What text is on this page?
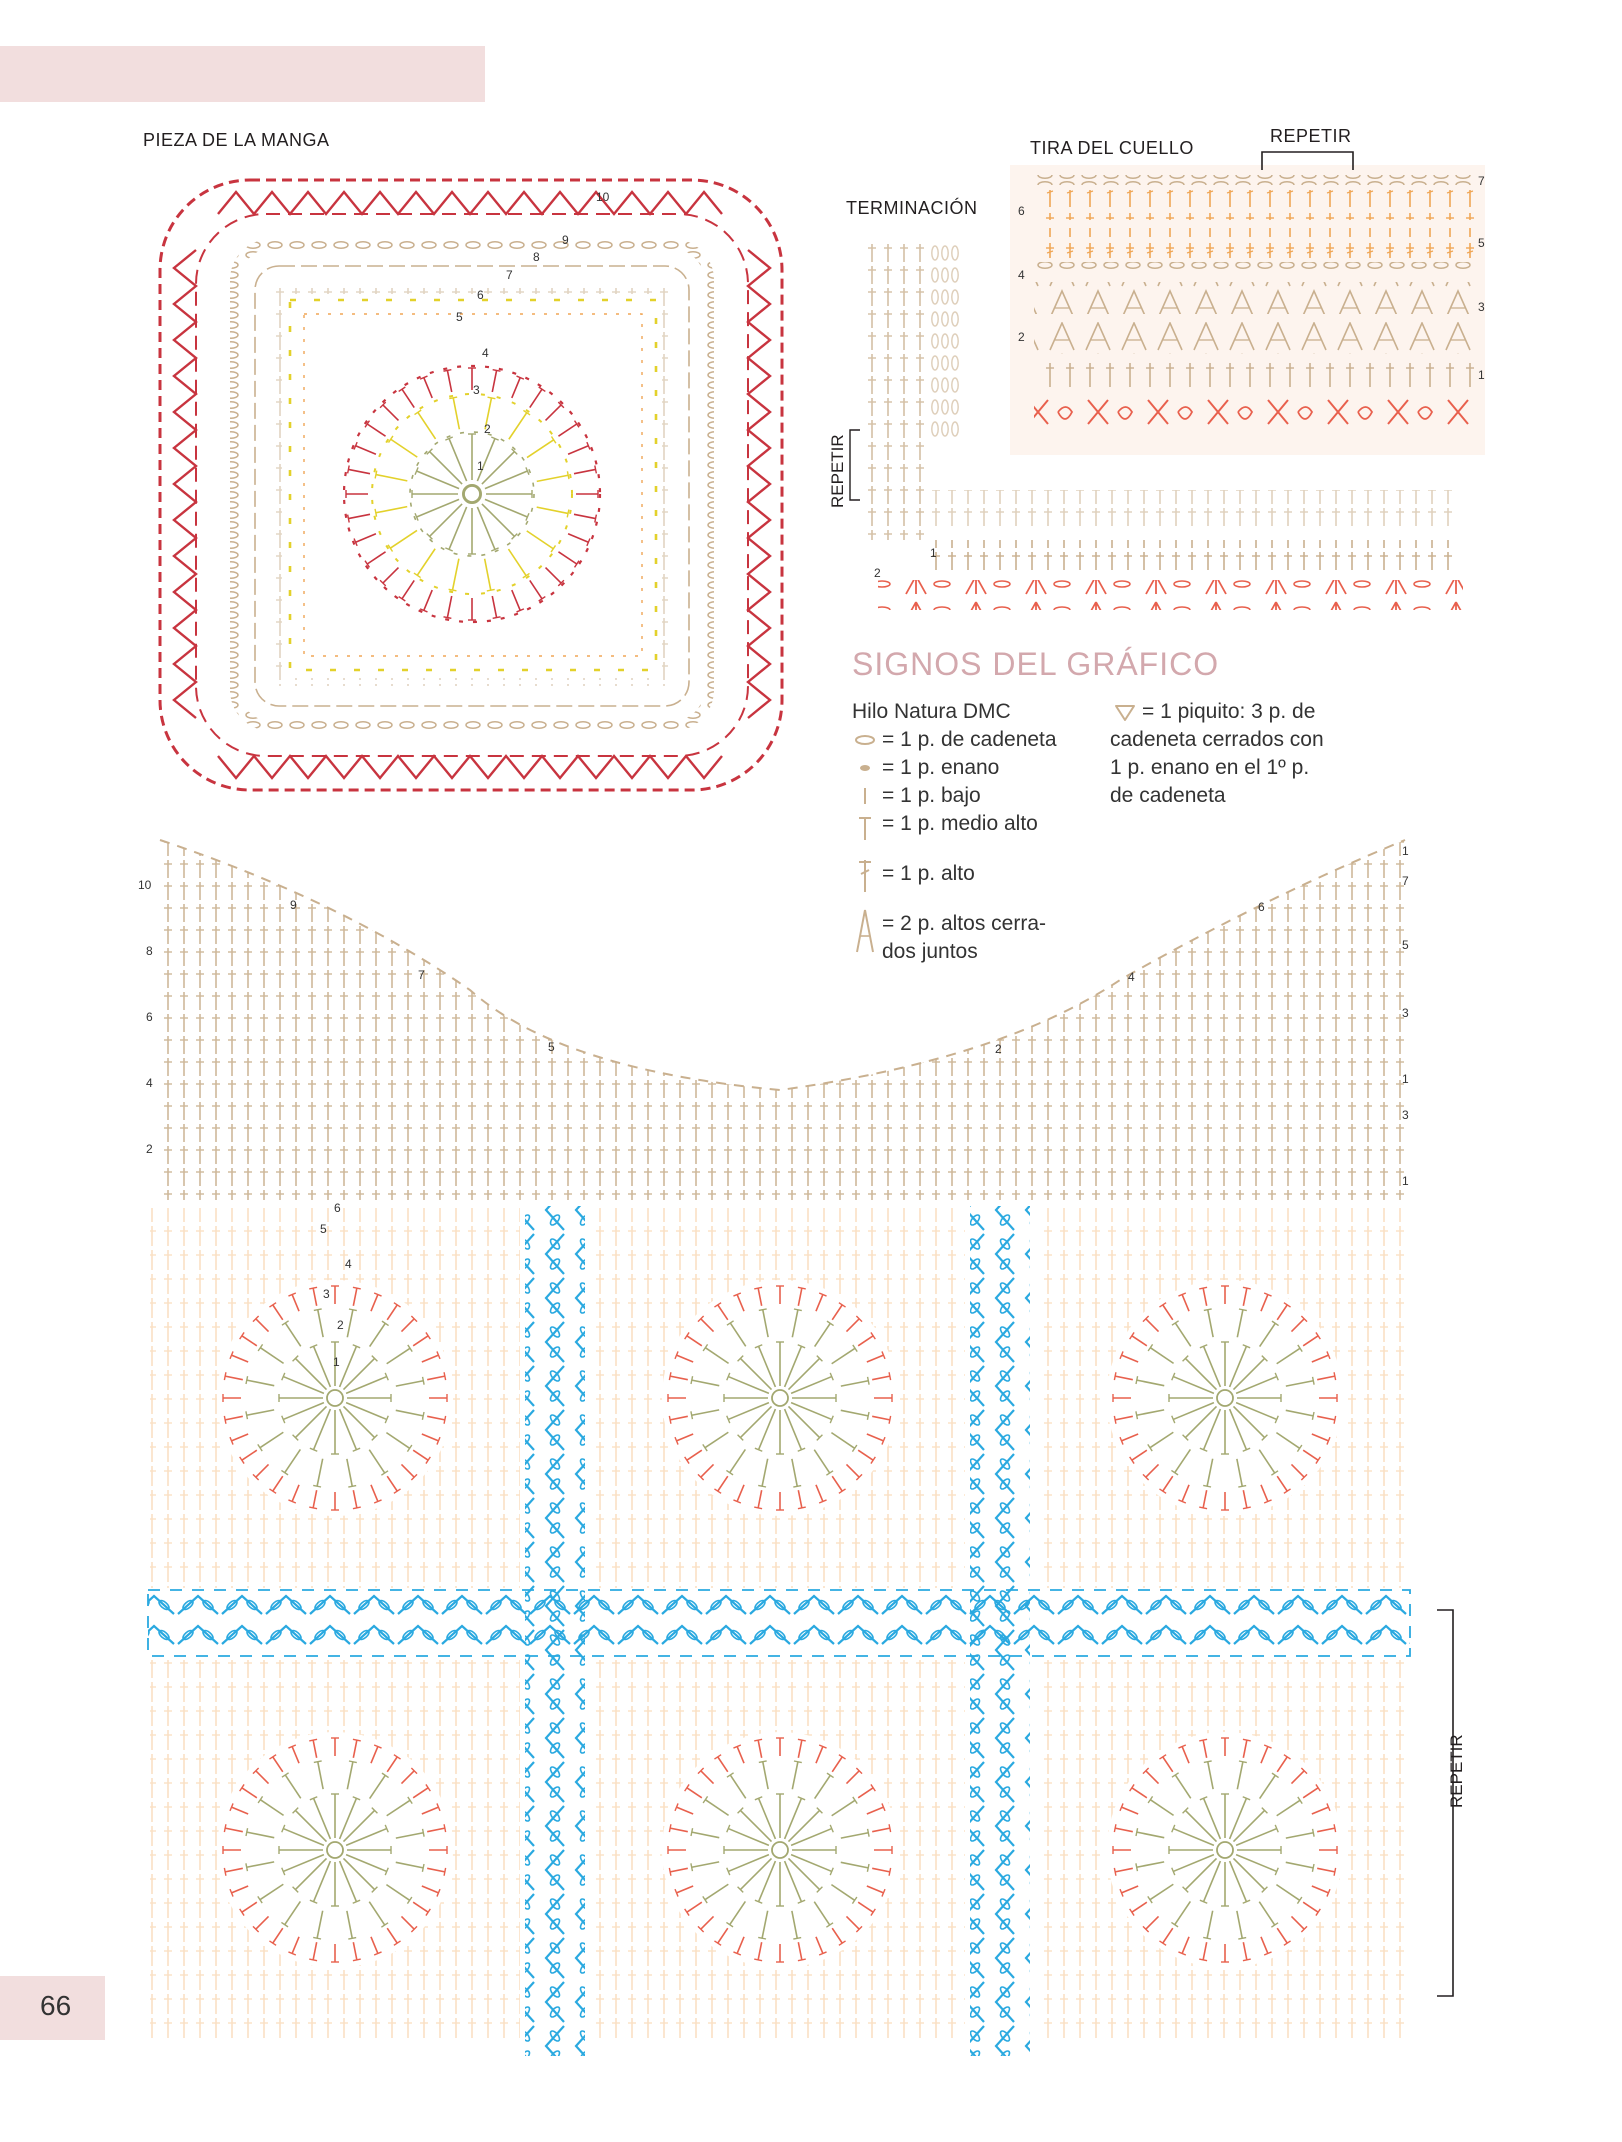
66
PIEZA DE LA MANGA	TIRA DEL CUELLO
REPETIR
TERMINACIÓN
REPETIR
REPETIR
1
2
3
4
5
6
7
8
9
10
1
2
3
4
5
6
7
1
2
2
4
6
8
10
5
7
9
1
3
1
3
5
7
1
2
4
6
1
2
3
4
5
6
SIGNOS DEL GRÁFICO
Hilo Natura DMC
= 1 p. de cadeneta
= 1 p. enano
= 1 p. bajo
= 1 p. medio alto
= 1 p. alto
= 2 p. altos cerra-
dos juntos
= 1 piquito: 3 p. de
cadeneta cerrados con
1 p. enano en el 1º p.
de cadeneta
